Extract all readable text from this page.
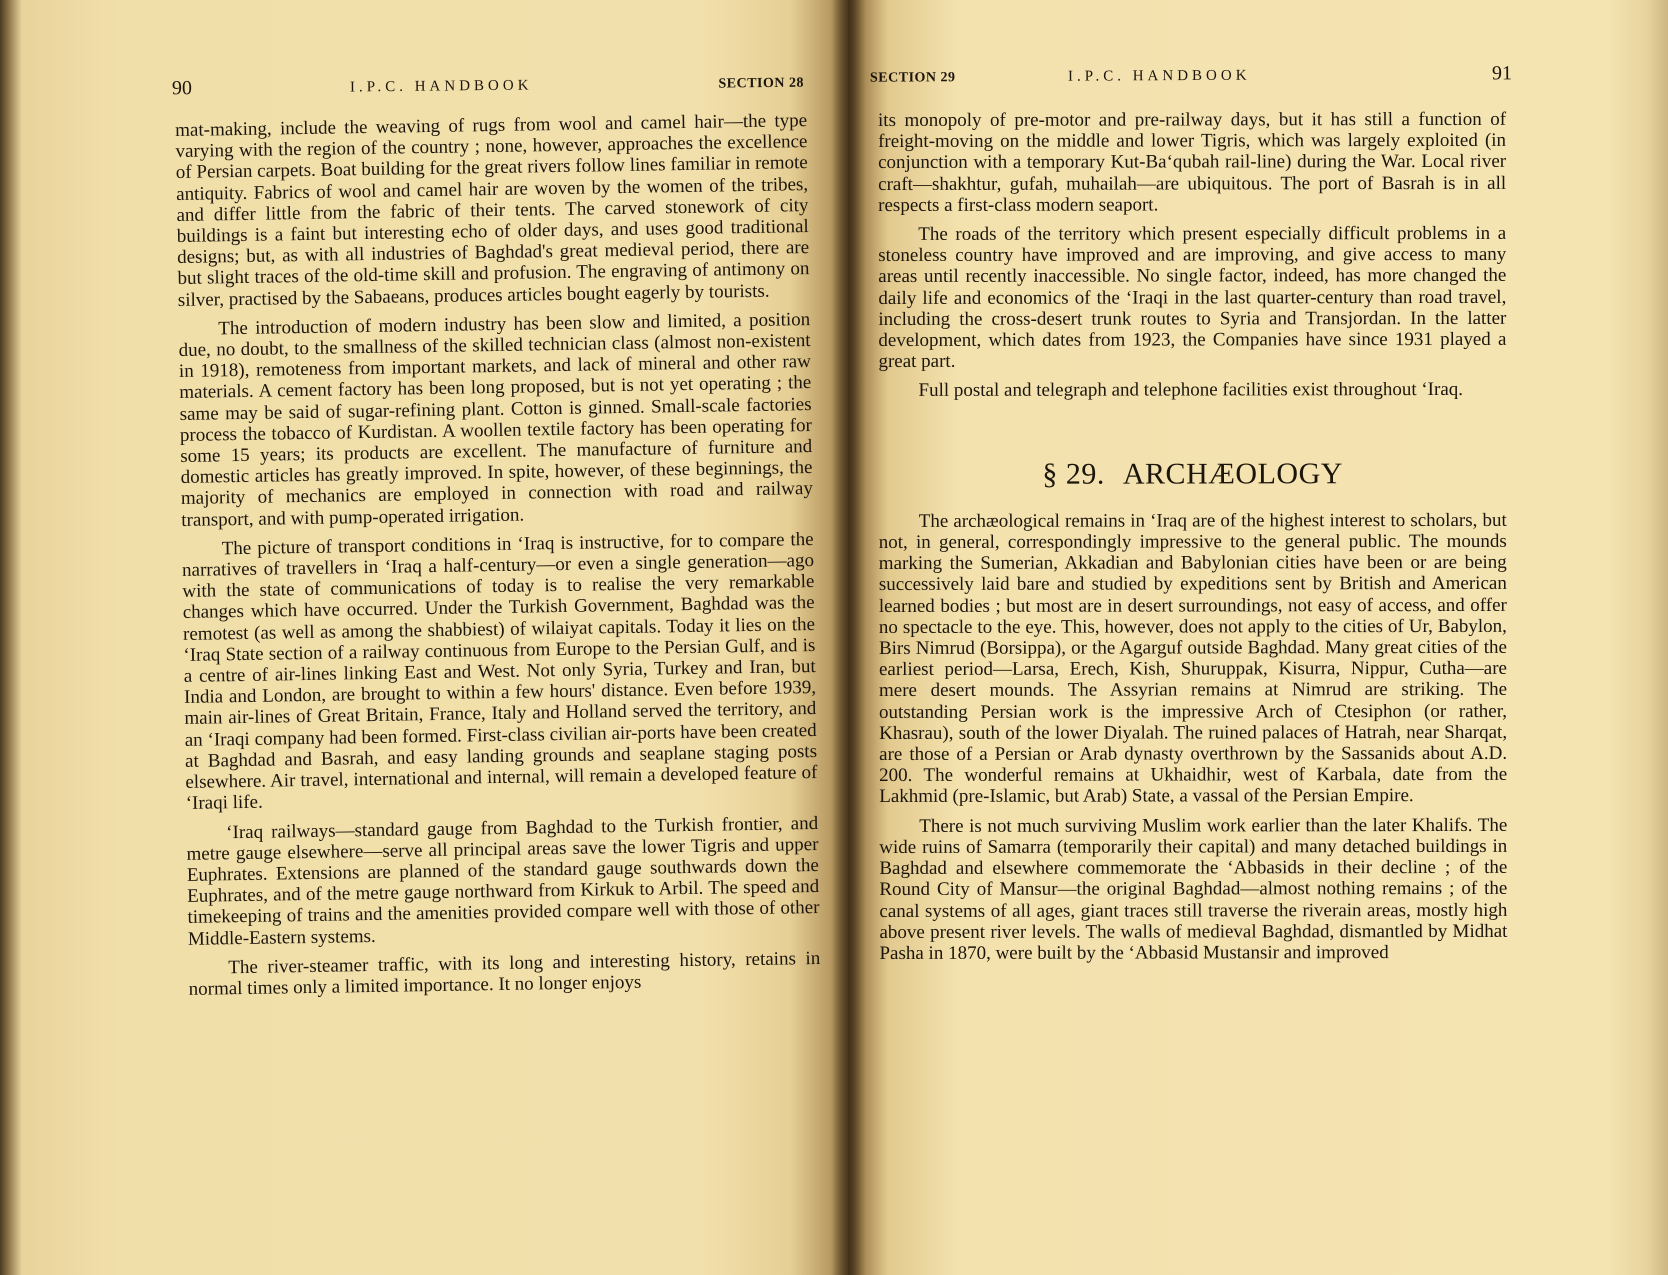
90	I.P.C. HANDBOOK	SECTION 28	SECTION 29	I.P.C. HANDBOOK	91

mat-making, include the weaving of rugs from wool and camel hair—the type varying with the region of the country ; none, however, approaches the excellence of Persian carpets. Boat building for the great rivers follow lines familiar in remote antiquity. Fabrics of wool and camel hair are woven by the women of the tribes, and differ little from the fabric of their tents. The carved stonework of city buildings is a faint but interesting echo of older days, and uses good traditional designs; but, as with all industries of Baghdad's great medieval period, there are but slight traces of the old-time skill and profusion. The engraving of antimony on silver, practised by the Sabaeans, produces articles bought eagerly by tourists.

The introduction of modern industry has been slow and limited, a position due, no doubt, to the smallness of the skilled technician class (almost non-existent in 1918), remoteness from important markets, and lack of mineral and other raw materials. A cement factory has been long proposed, but is not yet operating ; the same may be said of sugar-refining plant. Cotton is ginned. Small-scale factories process the tobacco of Kurdistan. A woollen textile factory has been operating for some 15 years; its products are excellent. The manufacture of furniture and domestic articles has greatly improved. In spite, however, of these beginnings, the majority of mechanics are employed in connection with road and railway transport, and with pump-operated irrigation.

The picture of transport conditions in ‘Iraq is instructive, for to compare the narratives of travellers in ‘Iraq a half-century—or even a single generation—ago with the state of communications of today is to realise the very remarkable changes which have occurred. Under the Turkish Government, Baghdad was the remotest (as well as among the shabbiest) of wilaiyat capitals. Today it lies on the ‘Iraq State section of a railway continuous from Europe to the Persian Gulf, and is a centre of air-lines linking East and West. Not only Syria, Turkey and Iran, but India and London, are brought to within a few hours' distance. Even before 1939, main air-lines of Great Britain, France, Italy and Holland served the territory, and an ‘Iraqi company had been formed. First-class civilian air-ports have been created at Baghdad and Basrah, and easy landing grounds and seaplane staging posts elsewhere. Air travel, international and internal, will remain a developed feature of ‘Iraqi life.

‘Iraq railways—standard gauge from Baghdad to the Turkish frontier, and metre gauge elsewhere—serve all principal areas save the lower Tigris and upper Euphrates. Extensions are planned of the standard gauge southwards down the Euphrates, and of the metre gauge northward from Kirkuk to Arbil. The speed and timekeeping of trains and the amenities provided compare well with those of other Middle-Eastern systems.

The river-steamer traffic, with its long and interesting history, retains in normal times only a limited importance. It no longer enjoys

its monopoly of pre-motor and pre-railway days, but it has still a function of freight-moving on the middle and lower Tigris, which was largely exploited (in conjunction with a temporary Kut-Ba‘qubah rail-line) during the War. Local river craft—shakhtur, gufah, muhailah—are ubiquitous. The port of Basrah is in all respects a first-class modern seaport.

The roads of the territory which present especially difficult problems in a stoneless country have improved and are improving, and give access to many areas until recently inaccessible. No single factor, indeed, has more changed the daily life and economics of the ‘Iraqi in the last quarter-century than road travel, including the cross-desert trunk routes to Syria and Transjordan. In the latter development, which dates from 1923, the Companies have since 1931 played a great part.

Full postal and telegraph and telephone facilities exist throughout ‘Iraq.

§ 29. ARCHÆOLOGY

The archæological remains in ‘Iraq are of the highest interest to scholars, but not, in general, correspondingly impressive to the general public. The mounds marking the Sumerian, Akkadian and Babylonian cities have been or are being successively laid bare and studied by expeditions sent by British and American learned bodies ; but most are in desert surroundings, not easy of access, and offer no spectacle to the eye. This, however, does not apply to the cities of Ur, Babylon, Birs Nimrud (Borsippa), or the Agarguf outside Baghdad. Many great cities of the earliest period—Larsa, Erech, Kish, Shuruppak, Kisurra, Nippur, Cutha—are mere desert mounds. The Assyrian remains at Nimrud are striking. The outstanding Persian work is the impressive Arch of Ctesiphon (or rather, Khasrau), south of the lower Diyalah. The ruined palaces of Hatrah, near Sharqat, are those of a Persian or Arab dynasty overthrown by the Sassanids about A.D. 200. The wonderful remains at Ukhaidhir, west of Karbala, date from the Lakhmid (pre-Islamic, but Arab) State, a vassal of the Persian Empire.

There is not much surviving Muslim work earlier than the later Khalifs. The wide ruins of Samarra (temporarily their capital) and many detached buildings in Baghdad and elsewhere commemorate the ‘Abbasids in their decline ; of the Round City of Mansur—the original Baghdad—almost nothing remains ; of the canal systems of all ages, giant traces still traverse the riverain areas, mostly high above present river levels. The walls of medieval Baghdad, dismantled by Midhat Pasha in 1870, were built by the ‘Abbasid Mustansir and improved
